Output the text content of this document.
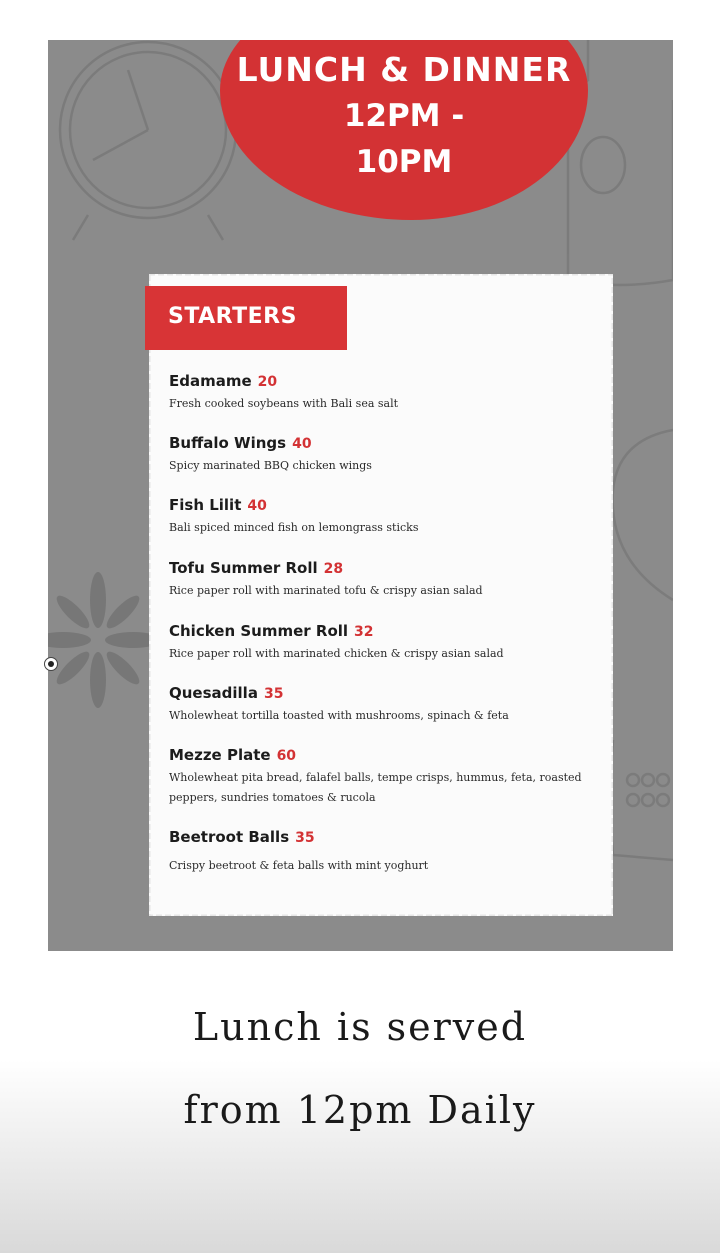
LUNCH & DINNER
12PM -
10PM
STARTERS
Edamame 20
Fresh cooked soybeans with Bali sea salt
Buffalo Wings 40
Spicy marinated BBQ chicken wings
Fish Lilit 40
Bali spiced minced fish on lemongrass sticks
Tofu Summer Roll 28
Rice paper roll with marinated tofu & crispy asian salad
Chicken Summer Roll 32
Rice paper roll with marinated chicken & crispy asian salad
Quesadilla 35
Wholewheat tortilla toasted with mushrooms, spinach & feta
Mezze Plate 60
Wholewheat pita bread, falafel balls, tempe crisps, hummus, feta, roasted peppers, sundries tomatoes & rucola
Beetroot Balls 35
Crispy beetroot & feta balls with mint yoghurt
Lunch is served
from 12pm Daily
